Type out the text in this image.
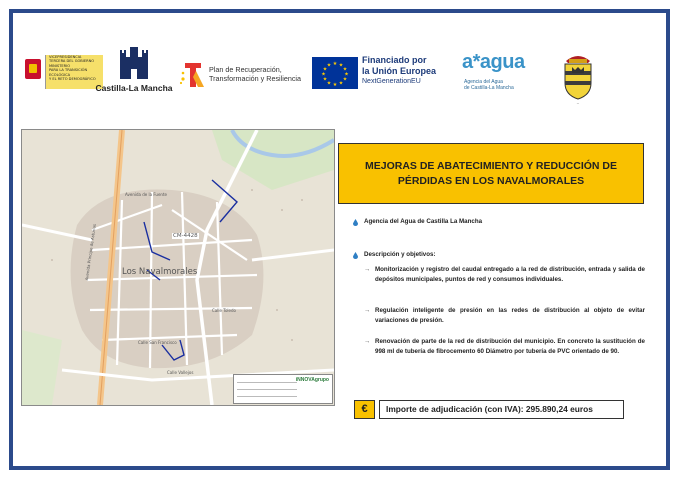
VICEPRESIDENCIA
TERCERA DEL GOBIERNO
MINISTERIO
PARA LA TRANSICIÓN ECOLÓGICA
Y EL RETO DEMOGRÁFICO
Castilla-La Mancha
Plan de Recuperación,
Transformación y Resiliencia
★ ★
★
★
★
★
★
★
★
★
★
★
Financiado por
la Unión Europea
NextGenerationEU
a*agua
Agencia del Agua
de Castilla-La Mancha
~
Los Navalmorales
CM-4428
Avenida de la Fuente
Calle Toledo
Calle Vallejos
Calle San Francisco
Avenida Principe de Asturias
iNNOVAgrupo
MEJORAS DE ABATECIMIENTO Y REDUCCIÓN DE PÉRDIDAS EN LOS NAVALMORALES
Agencia del Agua de Castilla La Mancha
Descripción y objetivos:
→ Monitorización y registro del caudal entregado a la red de distribución, entrada y salida de depósitos municipales, puntos de red y consumos individuales.
→ Regulación inteligente de presión en las redes de distribución al objeto de evitar variaciones de presión.
→ Renovación de parte de la red de distribución del municipio. En concreto la sustitución de 998 ml de tubería de fibrocemento 60 Diámetro por tubería de PVC orientado de 90.
€	Importe de adjudicación (con IVA): 295.890,24 euros
